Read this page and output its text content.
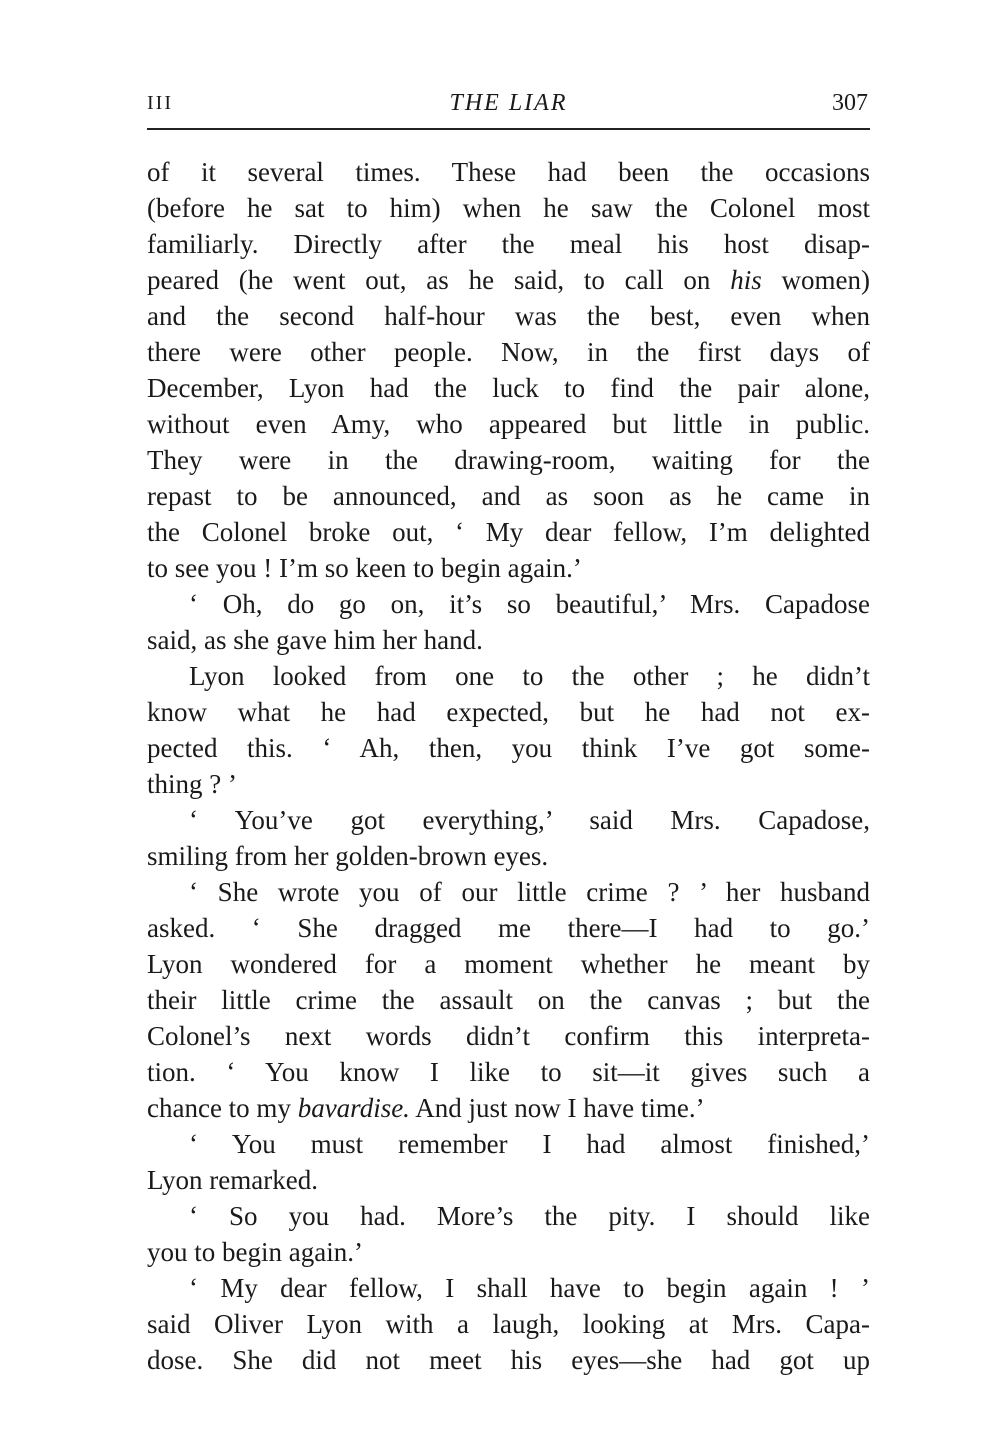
III	THE LIAR	307
of it several times. These had been the occasions
(before he sat to him) when he saw the Colonel most
familiarly. Directly after the meal his host disap-
peared (he went out, as he said, to call on his women)
and the second half-hour was the best, even when
there were other people. Now, in the first days of
December, Lyon had the luck to find the pair alone,
without even Amy, who appeared but little in public.
They were in the drawing-room, waiting for the
repast to be announced, and as soon as he came in
the Colonel broke out, ‘ My dear fellow, I’m delighted
to see you ! I’m so keen to begin again.’
‘ Oh, do go on, it’s so beautiful,’ Mrs. Capadose
said, as she gave him her hand.
Lyon looked from one to the other ; he didn’t
know what he had expected, but he had not ex-
pected this. ‘ Ah, then, you think I’ve got some-
thing ? ’
‘ You’ve got everything,’ said Mrs. Capadose,
smiling from her golden-brown eyes.
‘ She wrote you of our little crime ? ’ her husband
asked. ‘ She dragged me there—I had to go.’
Lyon wondered for a moment whether he meant by
their little crime the assault on the canvas ; but the
Colonel’s next words didn’t confirm this interpreta-
tion. ‘ You know I like to sit—it gives such a
chance to my bavardise. And just now I have time.’
‘ You must remember I had almost finished,’
Lyon remarked.
‘ So you had. More’s the pity. I should like
you to begin again.’
‘ My dear fellow, I shall have to begin again ! ’
said Oliver Lyon with a laugh, looking at Mrs. Capa-
dose. She did not meet his eyes—she had got up
